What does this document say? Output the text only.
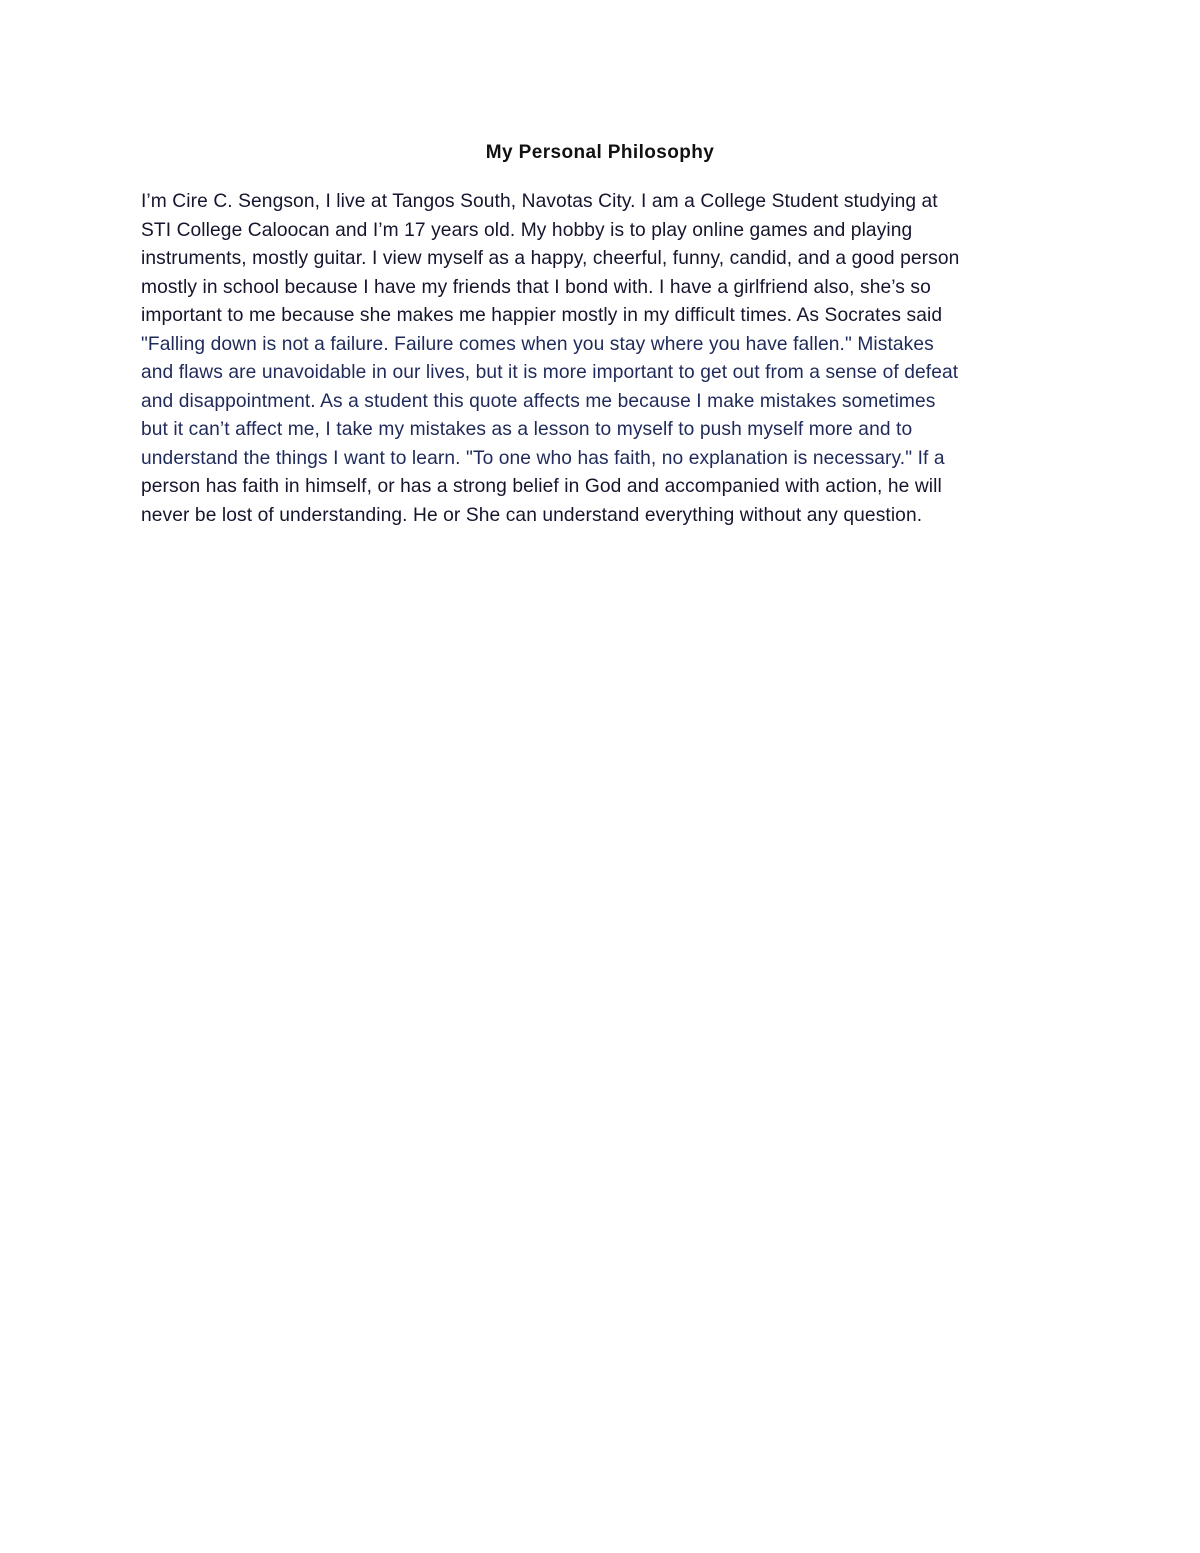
My Personal Philosophy
I’m Cire C. Sengson, I live at Tangos South, Navotas City. I am a College Student studying at
STI College Caloocan and I’m 17 years old. My hobby is to play online games and playing
instruments, mostly guitar. I view myself as a happy, cheerful, funny, candid, and a good person
mostly in school because I have my friends that I bond with. I have a girlfriend also, she’s so
important to me because she makes me happier mostly in my difficult times. As Socrates said
"Falling down is not a failure. Failure comes when you stay where you have fallen." Mistakes
and flaws are unavoidable in our lives, but it is more important to get out from a sense of defeat
and disappointment. As a student this quote affects me because I make mistakes sometimes
but it can’t affect me, I take my mistakes as a lesson to myself to push myself more and to
understand the things I want to learn. "To one who has faith, no explanation is necessary." If a
person has faith in himself, or has a strong belief in God and accompanied with action, he will
never be lost of understanding. He or She can understand everything without any question.
